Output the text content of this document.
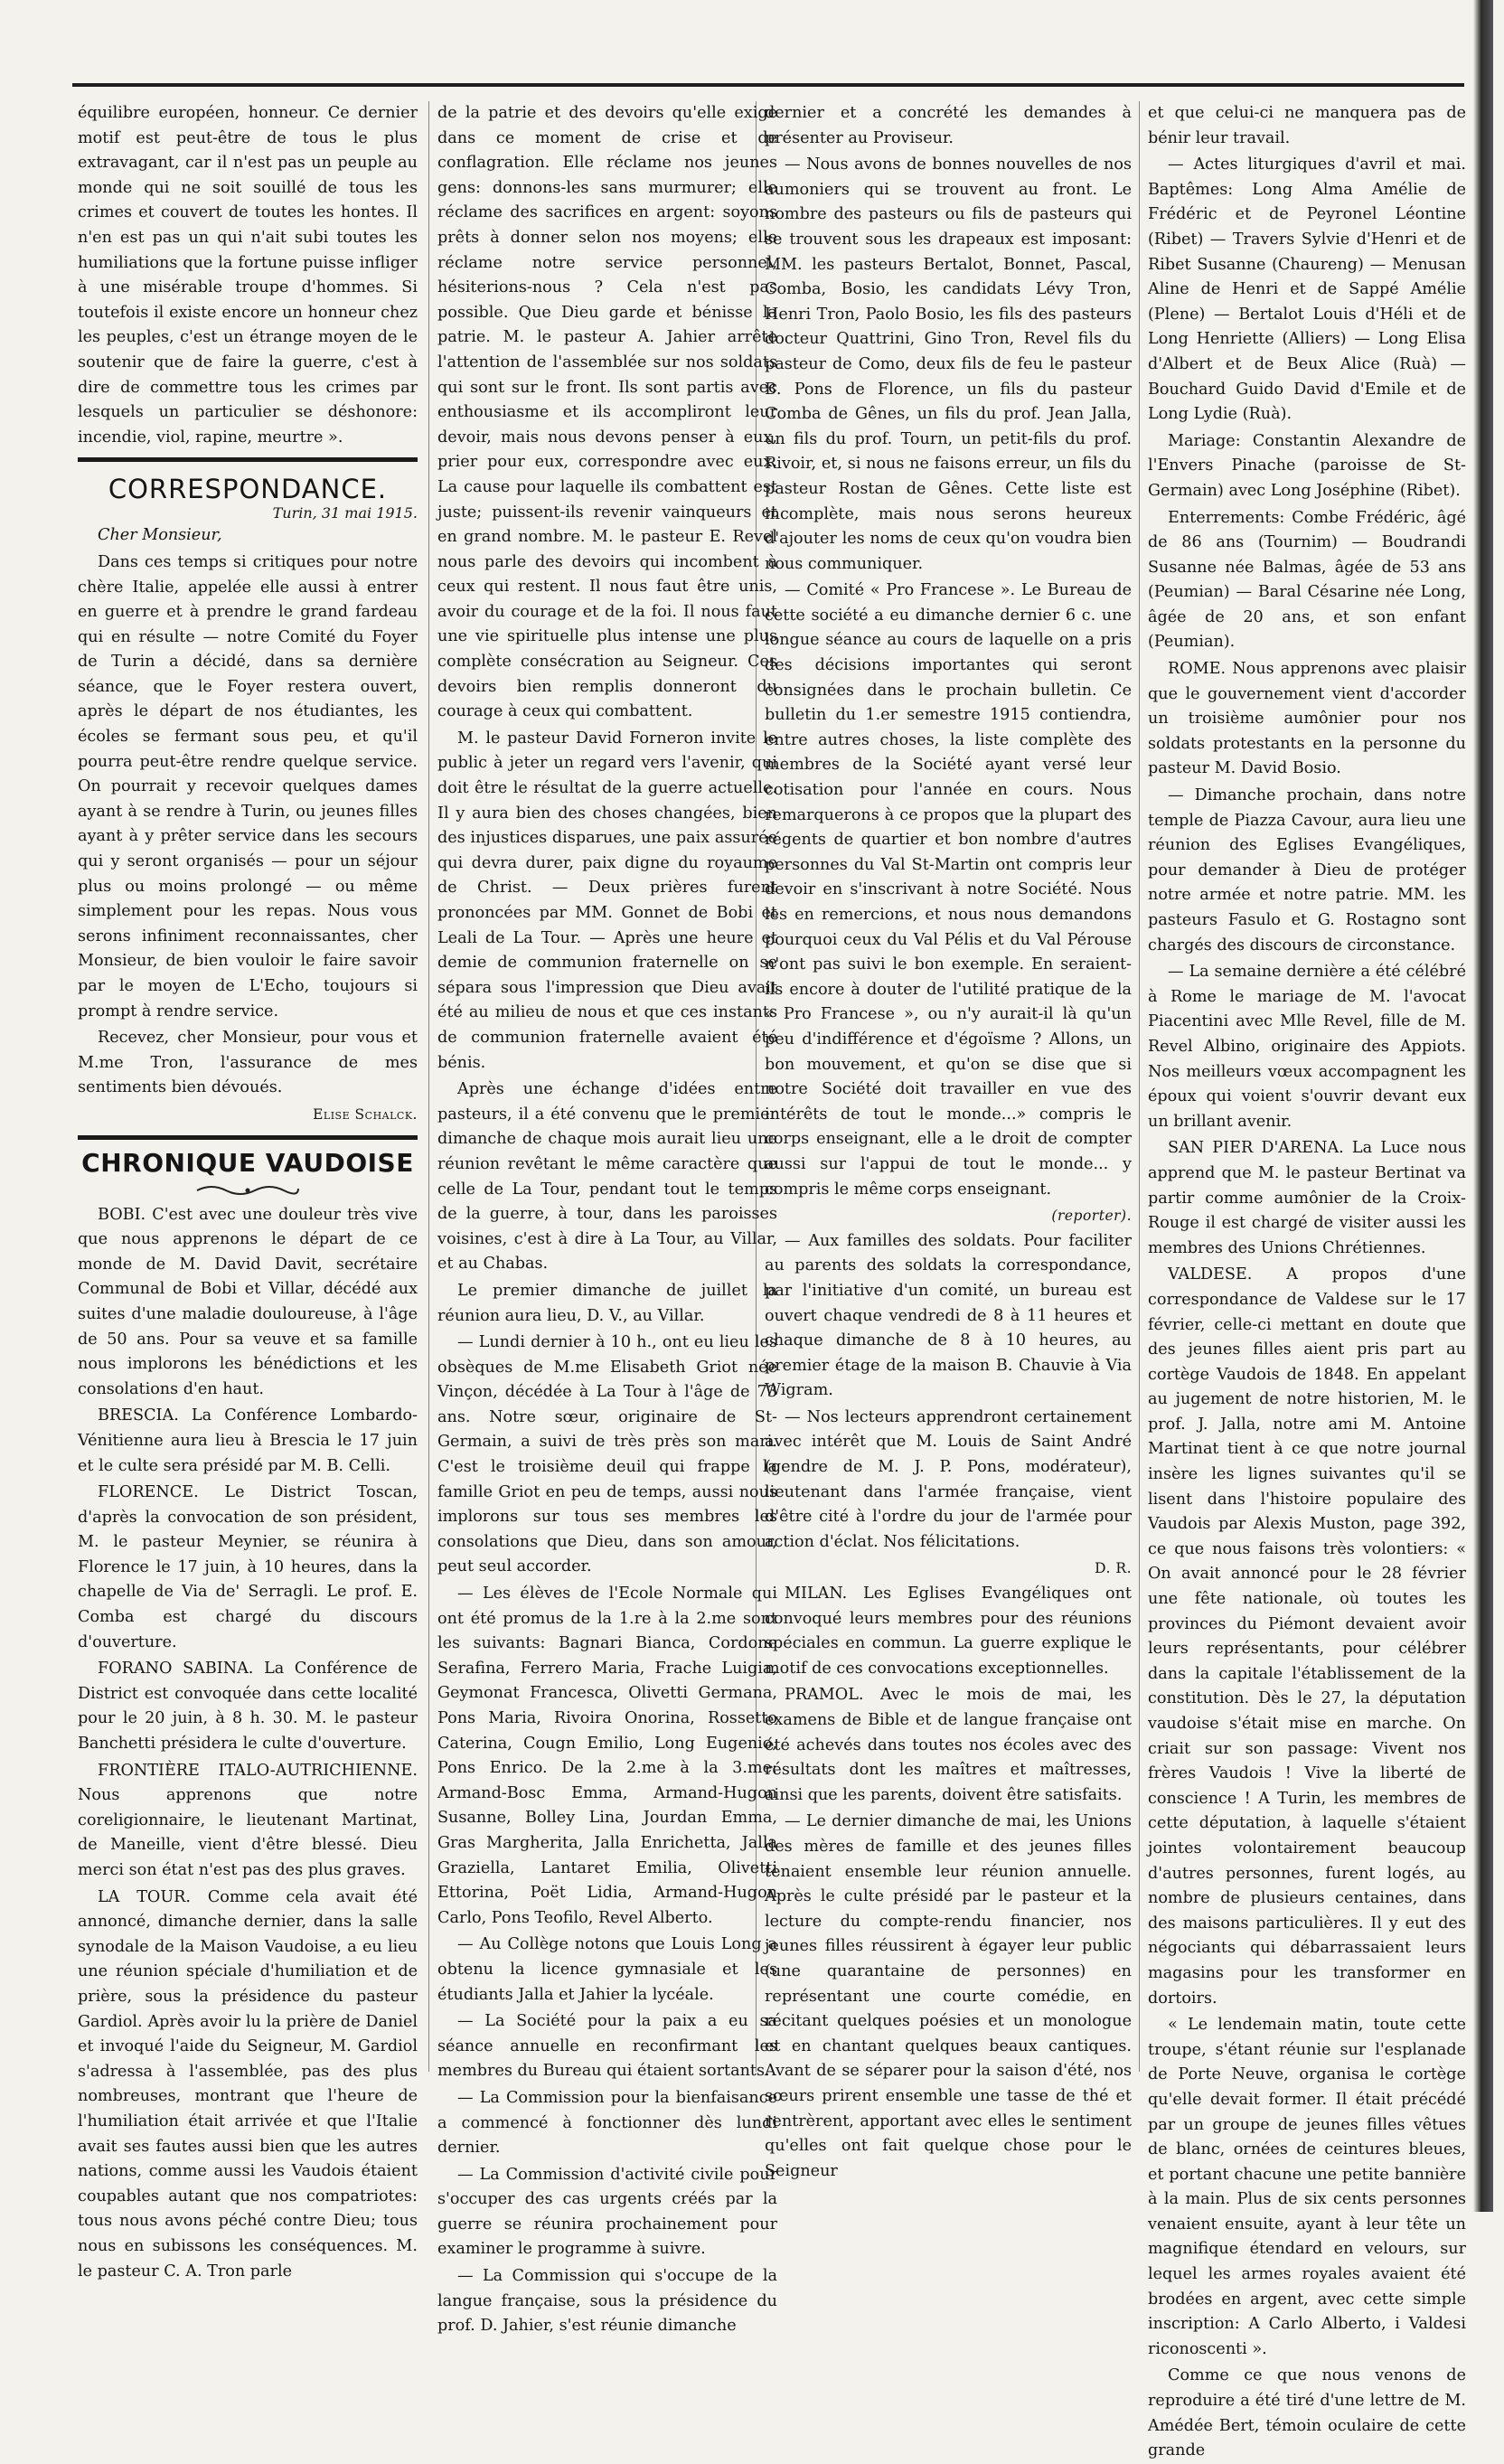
équilibre européen, honneur. Ce dernier motif est peut-être de tous le plus extravagant, car il n'est pas un peuple au monde qui ne soit souillé de tous les crimes et couvert de toutes les hontes. Il n'en est pas un qui n'ait subi toutes les humiliations que la fortune puisse infliger à une misérable troupe d'hommes. Si toutefois il existe encore un honneur chez les peuples, c'est un étrange moyen de le soutenir que de faire la guerre, c'est à dire de commettre tous les crimes par lesquels un particulier se déshonore: incendie, viol, rapine, meurtre ».

CORRESPONDANCE.
Turin, 31 mai 1915.

Cher Monsieur,

Dans ces temps si critiques pour notre chère Italie, appelée elle aussi à entrer en guerre et à prendre le grand fardeau qui en résulte — notre Comité du Foyer de Turin a décidé, dans sa dernière séance, que le Foyer restera ouvert, après le départ de nos étudiantes, les écoles se fermant sous peu, et qu'il pourra peut-être rendre quelque service. On pourrait y recevoir quelques dames ayant à se rendre à Turin, ou jeunes filles ayant à y prêter service dans les secours qui y seront organisés — pour un séjour plus ou moins prolongé — ou même simplement pour les repas. Nous vous serons infiniment reconnaissantes, cher Monsieur, de bien vouloir le faire savoir par le moyen de L'Echo, toujours si prompt à rendre service.

Recevez, cher Monsieur, pour vous et M.me Tron, l'assurance de mes sentiments bien dévoués.

Elise Schalck.
CHRONIQUE VAUDOISE

BOBI. C'est avec une douleur très vive que nous apprenons le départ de ce monde de M. David Davit, secrétaire Communal de Bobi et Villar, décédé aux suites d'une maladie douloureuse, à l'âge de 50 ans. Pour sa veuve et sa famille nous implorons les bénédictions et les consolations d'en haut.

BRESCIA. La Conférence Lombardo-Vénitienne aura lieu à Brescia le 17 juin et le culte sera présidé par M. B. Celli.

FLORENCE. Le District Toscan, d'après la convocation de son président, M. le pasteur Meynier, se réunira à Florence le 17 juin, à 10 heures, dans la chapelle de Via de' Serragli. Le prof. E. Comba est chargé du discours d'ouverture.

FORANO SABINA. La Conférence de District est convoquée dans cette localité pour le 20 juin, à 8 h. 30. M. le pasteur Banchetti présidera le culte d'ouverture.

FRONTIÈRE ITALO-AUTRICHIENNE. Nous apprenons que notre coreligionnaire, le lieutenant Martinat, de Maneille, vient d'être blessé. Dieu merci son état n'est pas des plus graves.

LA TOUR. Comme cela avait été annoncé, dimanche dernier, dans la salle synodale de la Maison Vaudoise, a eu lieu une réunion spéciale d'humiliation et de prière, sous la présidence du pasteur Gardiol. Après avoir lu la prière de Daniel et invoqué l'aide du Seigneur, M. Gardiol s'adressa à l'assemblée, pas des plus nombreuses, montrant que l'heure de l'humiliation était arrivée et que l'Italie avait ses fautes aussi bien que les autres nations, comme aussi les Vaudois étaient coupables autant que nos compatriotes: tous nous avons péché contre Dieu; tous nous en subissons les conséquences. M. le pasteur C. A. Tron parle

de la patrie et des devoirs qu'elle exige dans ce moment de crise et de conflagration. Elle réclame nos jeunes gens: donnons-les sans murmurer; elle réclame des sacrifices en argent: soyons prêts à donner selon nos moyens; elle réclame notre service personnel, hésiterions-nous ? Cela n'est pas possible. Que Dieu garde et bénisse la patrie. M. le pasteur A. Jahier arrête l'attention de l'assemblée sur nos soldats qui sont sur le front. Ils sont partis avec enthousiasme et ils accompliront leur devoir, mais nous devons penser à eux, prier pour eux, correspondre avec eux. La cause pour laquelle ils combattent est juste; puissent-ils revenir vainqueurs et en grand nombre. M. le pasteur E. Revel nous parle des devoirs qui incombent à ceux qui restent. Il nous faut être unis, avoir du courage et de la foi. Il nous faut une vie spirituelle plus intense une plus complète consécration au Seigneur. Ces devoirs bien remplis donneront du courage à ceux qui combattent.

M. le pasteur David Forneron invite le public à jeter un regard vers l'avenir, qui doit être le résultat de la guerre actuelle. Il y aura bien des choses changées, bien des injustices disparues, une paix assurée qui devra durer, paix digne du royaume de Christ. — Deux prières furent prononcées par MM. Gonnet de Bobi et Leali de La Tour. — Après une heure et demie de communion fraternelle on se sépara sous l'impression que Dieu avait été au milieu de nous et que ces instants de communion fraternelle avaient été bénis.

Après une échange d'idées entre pasteurs, il a été convenu que le premier dimanche de chaque mois aurait lieu une réunion revêtant le même caractère que celle de La Tour, pendant tout le temps de la guerre, à tour, dans les paroisses voisines, c'est à dire à La Tour, au Villar, et au Chabas.

Le premier dimanche de juillet la réunion aura lieu, D. V., au Villar.

— Lundi dernier à 10 h., ont eu lieu les obsèques de M.me Elisabeth Griot née Vinçon, décédée à La Tour à l'âge de 73 ans. Notre sœur, originaire de St-Germain, a suivi de très près son mari. C'est le troisième deuil qui frappe la famille Griot en peu de temps, aussi nous implorons sur tous ses membres les consolations que Dieu, dans son amour, peut seul accorder.

— Les élèves de l'Ecole Normale qui ont été promus de la 1.re à la 2.me sont les suivants: Bagnari Bianca, Cordone Serafina, Ferrero Maria, Frache Luigia, Geymonat Francesca, Olivetti Germana, Pons Maria, Rivoira Onorina, Rossetto Caterina, Cougn Emilio, Long Eugenio, Pons Enrico. De la 2.me à la 3.me: Armand-Bosc Emma, Armand-Hugon Susanne, Bolley Lina, Jourdan Emma, Gras Margherita, Jalla Enrichetta, Jalla Graziella, Lantaret Emilia, Olivetti Ettorina, Poët Lidia, Armand-Hugon Carlo, Pons Teofilo, Revel Alberto.

— Au Collège notons que Louis Long a obtenu la licence gymnasiale et les étudiants Jalla et Jahier la lycéale.

— La Société pour la paix a eu sa séance annuelle en reconfirmant les membres du Bureau qui étaient sortants.

— La Commission pour la bienfaisance a commencé à fonctionner dès lundi dernier.

— La Commission d'activité civile pour s'occuper des cas urgents créés par la guerre se réunira prochainement pour examiner le programme à suivre.

— La Commission qui s'occupe de la langue française, sous la présidence du prof. D. Jahier, s'est réunie dimanche

dernier et a concrété les demandes à présenter au Proviseur.

— Nous avons de bonnes nouvelles de nos aumoniers qui se trouvent au front. Le nombre des pasteurs ou fils de pasteurs qui se trouvent sous les drapeaux est imposant: MM. les pasteurs Bertalot, Bonnet, Pascal, Comba, Bosio, les candidats Lévy Tron, Henri Tron, Paolo Bosio, les fils des pasteurs docteur Quattrini, Gino Tron, Revel fils du pasteur de Como, deux fils de feu le pasteur B. Pons de Florence, un fils du pasteur Comba de Gênes, un fils du prof. Jean Jalla, un fils du prof. Tourn, un petit-fils du prof. Rivoir, et, si nous ne faisons erreur, un fils du pasteur Rostan de Gênes. Cette liste est incomplète, mais nous serons heureux d'ajouter les noms de ceux qu'on voudra bien nous communiquer.

— Comité « Pro Francese ». Le Bureau de cette société a eu dimanche dernier 6 c. une longue séance au cours de laquelle on a pris des décisions importantes qui seront consignées dans le prochain bulletin. Ce bulletin du 1.er semestre 1915 contiendra, entre autres choses, la liste complète des membres de la Société ayant versé leur cotisation pour l'année en cours. Nous remarquerons à ce propos que la plupart des régents de quartier et bon nombre d'autres personnes du Val St-Martin ont compris leur devoir en s'inscrivant à notre Société. Nous les en remercions, et nous nous demandons pourquoi ceux du Val Pélis et du Val Pérouse n'ont pas suivi le bon exemple. En seraient-ils encore à douter de l'utilité pratique de la « Pro Francese », ou n'y aurait-il là qu'un peu d'indifférence et d'égoïsme ? Allons, un bon mouvement, et qu'on se dise que si notre Société doit travailler en vue des intérêts de tout le monde...» compris le corps enseignant, elle a le droit de compter aussi sur l'appui de tout le monde... y compris le même corps enseignant.

(reporter).

— Aux familles des soldats. Pour faciliter au parents des soldats la correspondance, par l'initiative d'un comité, un bureau est ouvert chaque vendredi de 8 à 11 heures et chaque dimanche de 8 à 10 heures, au premier étage de la maison B. Chauvie à Via Wigram.

— Nos lecteurs apprendront certainement avec intérêt que M. Louis de Saint André (gendre de M. J. P. Pons, modérateur), lieutenant dans l'armée française, vient d'être cité à l'ordre du jour de l'armée pour action d'éclat. Nos félicitations.

D. R.

MILAN. Les Eglises Evangéliques ont convoqué leurs membres pour des réunions spéciales en commun. La guerre explique le motif de ces convocations exceptionnelles.

PRAMOL. Avec le mois de mai, les examens de Bible et de langue française ont été achevés dans toutes nos écoles avec des résultats dont les maîtres et maîtresses, ainsi que les parents, doivent être satisfaits.

— Le dernier dimanche de mai, les Unions des mères de famille et des jeunes filles tenaient ensemble leur réunion annuelle. Après le culte présidé par le pasteur et la lecture du compte-rendu financier, nos jeunes filles réussirent à égayer leur public (une quarantaine de personnes) en représentant une courte comédie, en récitant quelques poésies et un monologue et en chantant quelques beaux cantiques. Avant de se séparer pour la saison d'été, nos sœurs prirent ensemble une tasse de thé et rentrèrent, apportant avec elles le sentiment qu'elles ont fait quelque chose pour le Seigneur

et que celui-ci ne manquera pas de bénir leur travail.

— Actes liturgiques d'avril et mai. Baptêmes: Long Alma Amélie de Frédéric et de Peyronel Léontine (Ribet) — Travers Sylvie d'Henri et de Ribet Susanne (Chaureng) — Menusan Aline de Henri et de Sappé Amélie (Plene) — Bertalot Louis d'Héli et de Long Henriette (Alliers) — Long Elisa d'Albert et de Beux Alice (Ruà) — Bouchard Guido David d'Emile et de Long Lydie (Ruà).

Mariage: Constantin Alexandre de l'Envers Pinache (paroisse de St-Germain) avec Long Joséphine (Ribet).

Enterrements: Combe Frédéric, âgé de 86 ans (Tournim) — Boudrandi Susanne née Balmas, âgée de 53 ans (Peumian) — Baral Césarine née Long, âgée de 20 ans, et son enfant (Peumian).

ROME. Nous apprenons avec plaisir que le gouvernement vient d'accorder un troisième aumônier pour nos soldats protestants en la personne du pasteur M. David Bosio.

— Dimanche prochain, dans notre temple de Piazza Cavour, aura lieu une réunion des Eglises Evangéliques, pour demander à Dieu de protéger notre armée et notre patrie. MM. les pasteurs Fasulo et G. Rostagno sont chargés des discours de circonstance.

— La semaine dernière a été célébré à Rome le mariage de M. l'avocat Piacentini avec Mlle Revel, fille de M. Revel Albino, originaire des Appiots. Nos meilleurs vœux accompagnent les époux qui voient s'ouvrir devant eux un brillant avenir.

SAN PIER D'ARENA. La Luce nous apprend que M. le pasteur Bertinat va partir comme aumônier de la Croix-Rouge il est chargé de visiter aussi les membres des Unions Chrétiennes.

VALDESE. A propos d'une correspondance de Valdese sur le 17 février, celle-ci mettant en doute que des jeunes filles aient pris part au cortège Vaudois de 1848. En appelant au jugement de notre historien, M. le prof. J. Jalla, notre ami M. Antoine Martinat tient à ce que notre journal insère les lignes suivantes qu'il se lisent dans l'histoire populaire des Vaudois par Alexis Muston, page 392, ce que nous faisons très volontiers: « On avait annoncé pour le 28 février une fête nationale, où toutes les provinces du Piémont devaient avoir leurs représentants, pour célébrer dans la capitale l'établissement de la constitution. Dès le 27, la députation vaudoise s'était mise en marche. On criait sur son passage: Vivent nos frères Vaudois ! Vive la liberté de conscience ! A Turin, les membres de cette députation, à laquelle s'étaient jointes volontairement beaucoup d'autres personnes, furent logés, au nombre de plusieurs centaines, dans des maisons particulières. Il y eut des négociants qui débarrassaient leurs magasins pour les transformer en dortoirs.

« Le lendemain matin, toute cette troupe, s'étant réunie sur l'esplanade de Porte Neuve, organisa le cortège qu'elle devait former. Il était précédé par un groupe de jeunes filles vêtues de blanc, ornées de ceintures bleues, et portant chacune une petite bannière à la main. Plus de six cents personnes venaient ensuite, ayant à leur tête un magnifique étendard en velours, sur lequel les armes royales avaient été brodées en argent, avec cette simple inscription: A Carlo Alberto, i Valdesi riconoscenti ».

Comme ce que nous venons de reproduire a été tiré d'une lettre de M. Amédée Bert, témoin oculaire de cette grande
